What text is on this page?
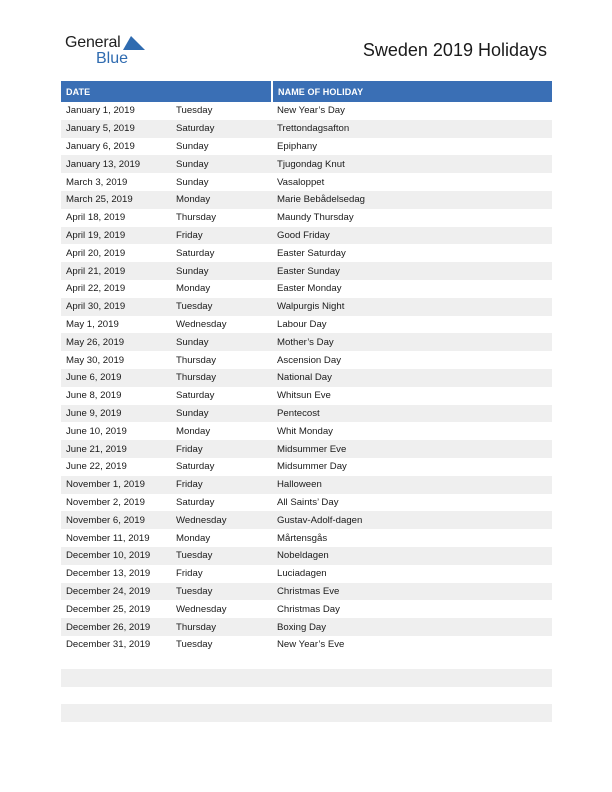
General
Blue	Sweden 2019 Holidays
DATE		NAME OF HOLIDAY
January 1, 2019	Tuesday	New Year’s Day
January 5, 2019	Saturday	Trettondagsafton
January 6, 2019	Sunday	Epiphany
January 13, 2019	Sunday	Tjugondag Knut
March 3, 2019	Sunday	Vasaloppet
March 25, 2019	Monday	Marie Bebådelsedag
April 18, 2019	Thursday	Maundy Thursday
April 19, 2019	Friday	Good Friday
April 20, 2019	Saturday	Easter Saturday
April 21, 2019	Sunday	Easter Sunday
April 22, 2019	Monday	Easter Monday
April 30, 2019	Tuesday	Walpurgis Night
May 1, 2019	Wednesday	Labour Day
May 26, 2019	Sunday	Mother’s Day
May 30, 2019	Thursday	Ascension Day
June 6, 2019	Thursday	National Day
June 8, 2019	Saturday	Whitsun Eve
June 9, 2019	Sunday	Pentecost
June 10, 2019	Monday	Whit Monday
June 21, 2019	Friday	Midsummer Eve
June 22, 2019	Saturday	Midsummer Day
November 1, 2019	Friday	Halloween
November 2, 2019	Saturday	All Saints’ Day
November 6, 2019	Wednesday	Gustav-Adolf-dagen
November 11, 2019	Monday	Mårtensgås
December 10, 2019	Tuesday	Nobeldagen
December 13, 2019	Friday	Luciadagen
December 24, 2019	Tuesday	Christmas Eve
December 25, 2019	Wednesday	Christmas Day
December 26, 2019	Thursday	Boxing Day
December 31, 2019	Tuesday	New Year’s Eve
